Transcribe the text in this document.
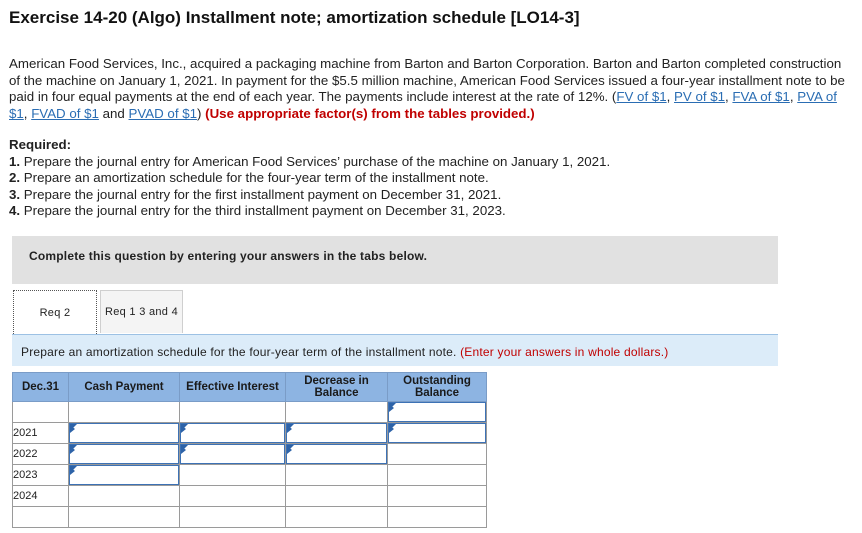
Exercise 14-20 (Algo) Installment note; amortization schedule [LO14-3]

American Food Services, Inc., acquired a packaging machine from Barton and Barton Corporation. Barton and Barton completed construction of the machine on January 1, 2021. In payment for the $5.5 million machine, American Food Services issued a four-year installment note to be paid in four equal payments at the end of each year. The payments include interest at the rate of 12%. (FV of $1, PV of $1, FVA of $1, PVA of $1, FVAD of $1 and PVAD of $1) (Use appropriate factor(s) from the tables provided.)

Required:
1. Prepare the journal entry for American Food Services’ purchase of the machine on January 1, 2021.
2. Prepare an amortization schedule for the four-year term of the installment note.
3. Prepare the journal entry for the first installment payment on December 31, 2021.
4. Prepare the journal entry for the third installment payment on December 31, 2023.
Complete this question by entering your answers in the tabs below.
Req 2	Req 1 3 and 4
Prepare an amortization schedule for the four-year term of the installment note. (Enter your answers in whole dollars.)
Dec.31	Cash Payment	Effective Interest	Decrease in Balance	Outstanding Balance

2021	

2022	

2023	

2024				
